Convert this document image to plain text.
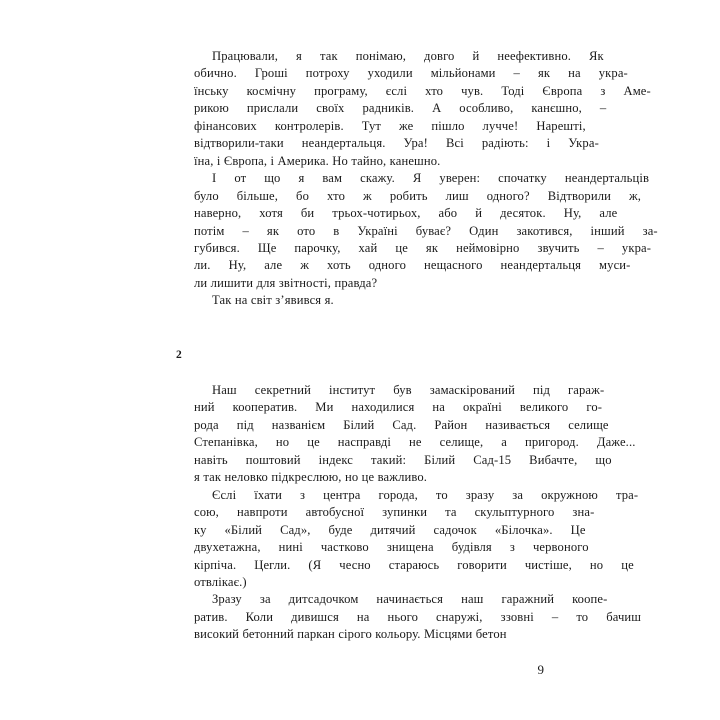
Працювали,	я	так	понімаю,	довго	й	неефективно.	Як
обично.	Гроші	потроху	уходили	мільйонами	–	як	на	укра-
їнську	космічну	програму,	єслі	хто	чув.	Тоді	Європа	з	Аме-
рикою	прислали	своїх	радників.	А	особливо,	канєшно,	–
фінансових	контролерів.	Тут	же	пішло	лучче!	Нарешті,
відтворили-таки	неандертальця.	Ура!	Всі	радіють:	і	Укра-
їна, і Європа, і Америка. Но тайно, канешно.

І	от	що	я	вам	скажу.	Я	уверен:	спочатку	неандертальців
було	більше,	бо	хто	ж	робить	лиш	одного?	Відтворили	ж,
наверно,	хотя	би	трьох-чотирьох,	або	й	десяток.	Ну,	але
потім	–	як	ото	в	Україні	буває?	Один	закотився,	інший	за-
губився.	Ще	парочку,	хай	це	як	неймовірно	звучить	–	укра-
ли.	Ну,	але	ж	хоть	одного	нещасного	неандертальця	муси-
ли лишити для звітності, правда?

Так на світ з’явився я.

2

Наш	секретний	інститут	був	замаскірований	під	гараж-
ний	кооператив.	Ми	находилися	на	окраїні	великого	го-
рода	під	названієм	Білий	Сад.	Район	називається	селище
Степанівка,	но	це	насправді	не	селище,	а	пригород.	Даже...
навіть	поштовий	індекс	такий:	Білий	Сад-15	Вибачте,	що
я так неловко підкреслюю, но це важливо.

Єслі	їхати	з	центра	города,	то	зразу	за	окружною	тра-
сою,	навпроти	автобусної	зупинки	та	скульптурного	зна-
ку	«Білий	Сад»,	буде	дитячий	садочок	«Білочка».	Це
двухетажна,	нині	частково	знищена	будівля	з	червоного
кірпіча.	Цегли.	(Я	чесно	стараюсь	говорити	чистіше,	но	це
отвлікає.)

Зразу	за	дитсадочком	начинається	наш	гаражний	коопе-
ратив.	Коли	дивишся	на	нього	снаружі,	ззовні	–	то	бачиш
високий бетонний паркан сірого кольору. Місцями бетон

9
